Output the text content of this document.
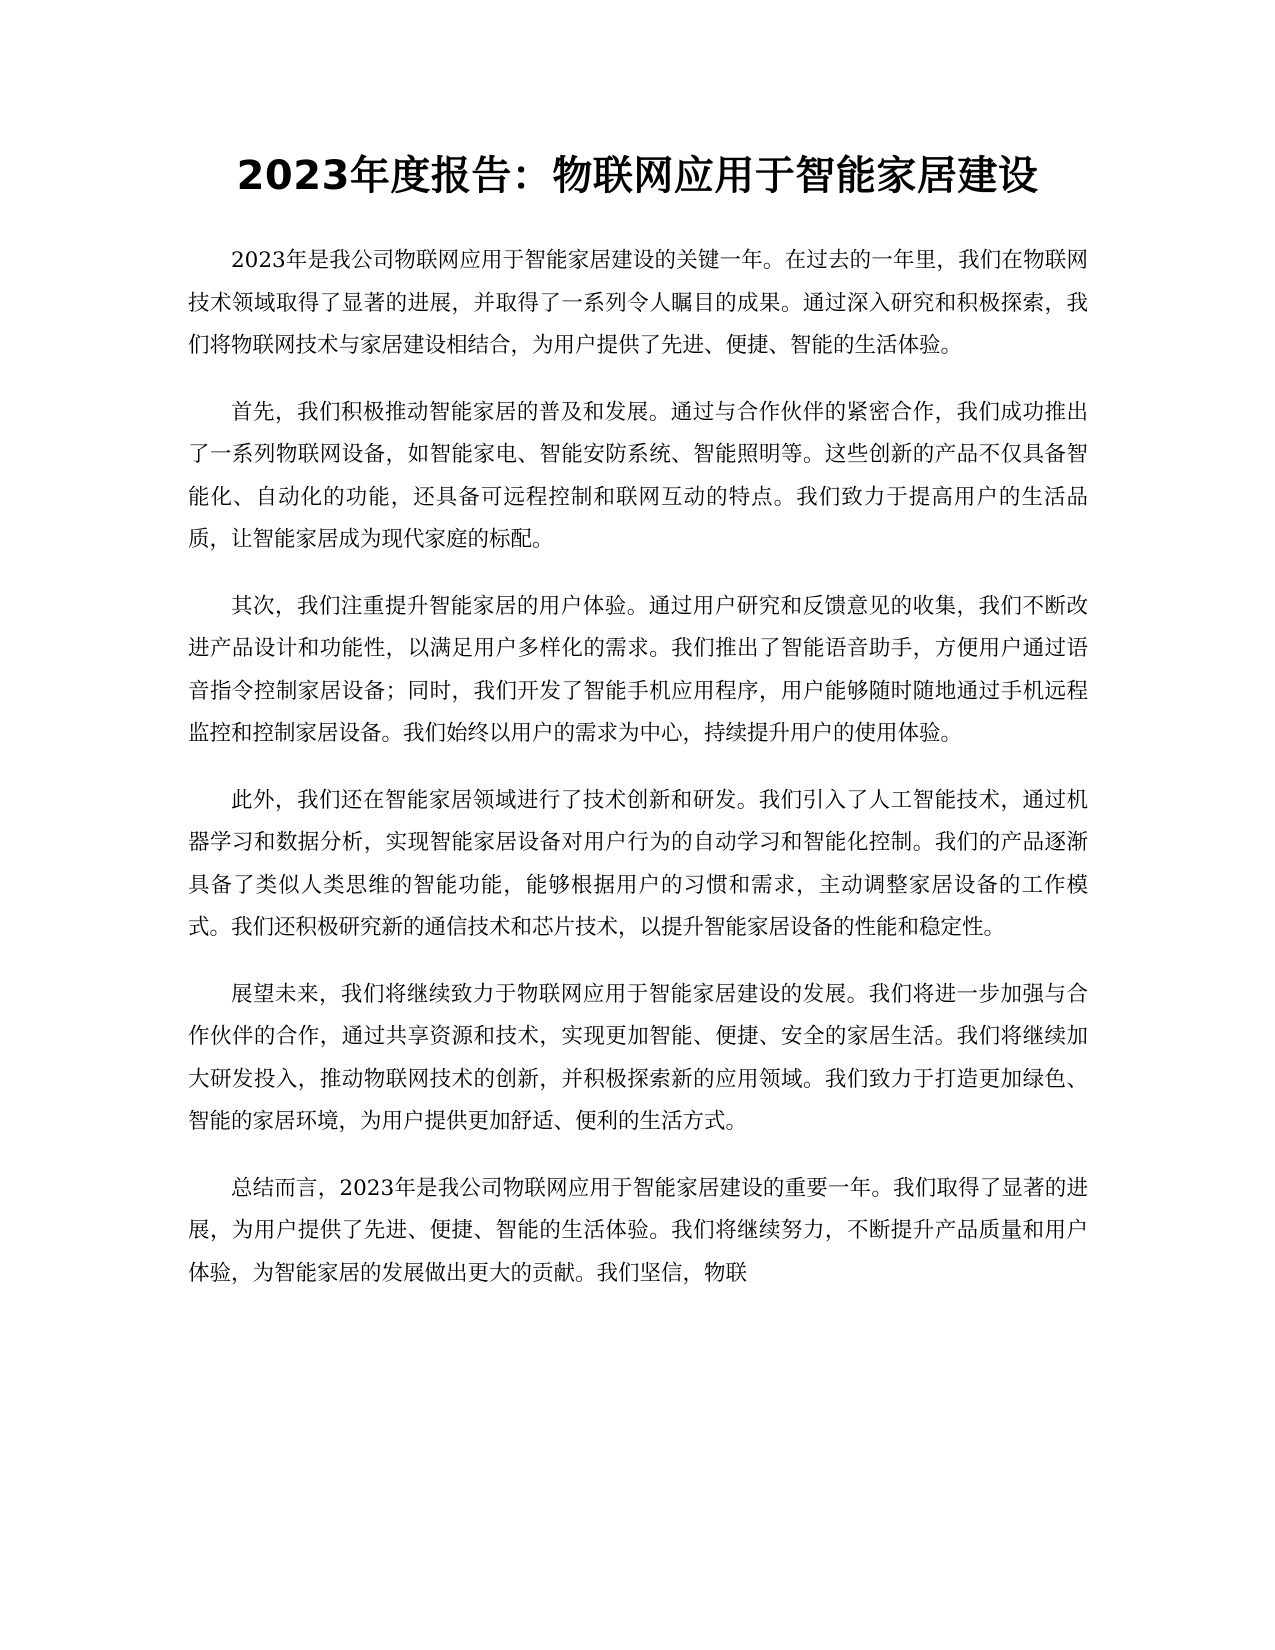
2023年度报告：物联网应用于智能家居建设

2023年是我公司物联网应用于智能家居建设的关键一年。在过去的一年里，我们在物联网技术领域取得了显著的进展，并取得了一系列令人瞩目的成果。通过深入研究和积极探索，我们将物联网技术与家居建设相结合，为用户提供了先进、便捷、智能的生活体验。

首先，我们积极推动智能家居的普及和发展。通过与合作伙伴的紧密合作，我们成功推出了一系列物联网设备，如智能家电、智能安防系统、智能照明等。这些创新的产品不仅具备智能化、自动化的功能，还具备可远程控制和联网互动的特点。我们致力于提高用户的生活品质，让智能家居成为现代家庭的标配。

其次，我们注重提升智能家居的用户体验。通过用户研究和反馈意见的收集，我们不断改进产品设计和功能性，以满足用户多样化的需求。我们推出了智能语音助手，方便用户通过语音指令控制家居设备；同时，我们开发了智能手机应用程序，用户能够随时随地通过手机远程监控和控制家居设备。我们始终以用户的需求为中心，持续提升用户的使用体验。

此外，我们还在智能家居领域进行了技术创新和研发。我们引入了人工智能技术，通过机器学习和数据分析，实现智能家居设备对用户行为的自动学习和智能化控制。我们的产品逐渐具备了类似人类思维的智能功能，能够根据用户的习惯和需求，主动调整家居设备的工作模式。我们还积极研究新的通信技术和芯片技术，以提升智能家居设备的性能和稳定性。

展望未来，我们将继续致力于物联网应用于智能家居建设的发展。我们将进一步加强与合作伙伴的合作，通过共享资源和技术，实现更加智能、便捷、安全的家居生活。我们将继续加大研发投入，推动物联网技术的创新，并积极探索新的应用领域。我们致力于打造更加绿色、智能的家居环境，为用户提供更加舒适、便利的生活方式。

总结而言，2023年是我公司物联网应用于智能家居建设的重要一年。我们取得了显著的进展，为用户提供了先进、便捷、智能的生活体验。我们将继续努力，不断提升产品质量和用户体验，为智能家居的发展做出更大的贡献。我们坚信，物联
